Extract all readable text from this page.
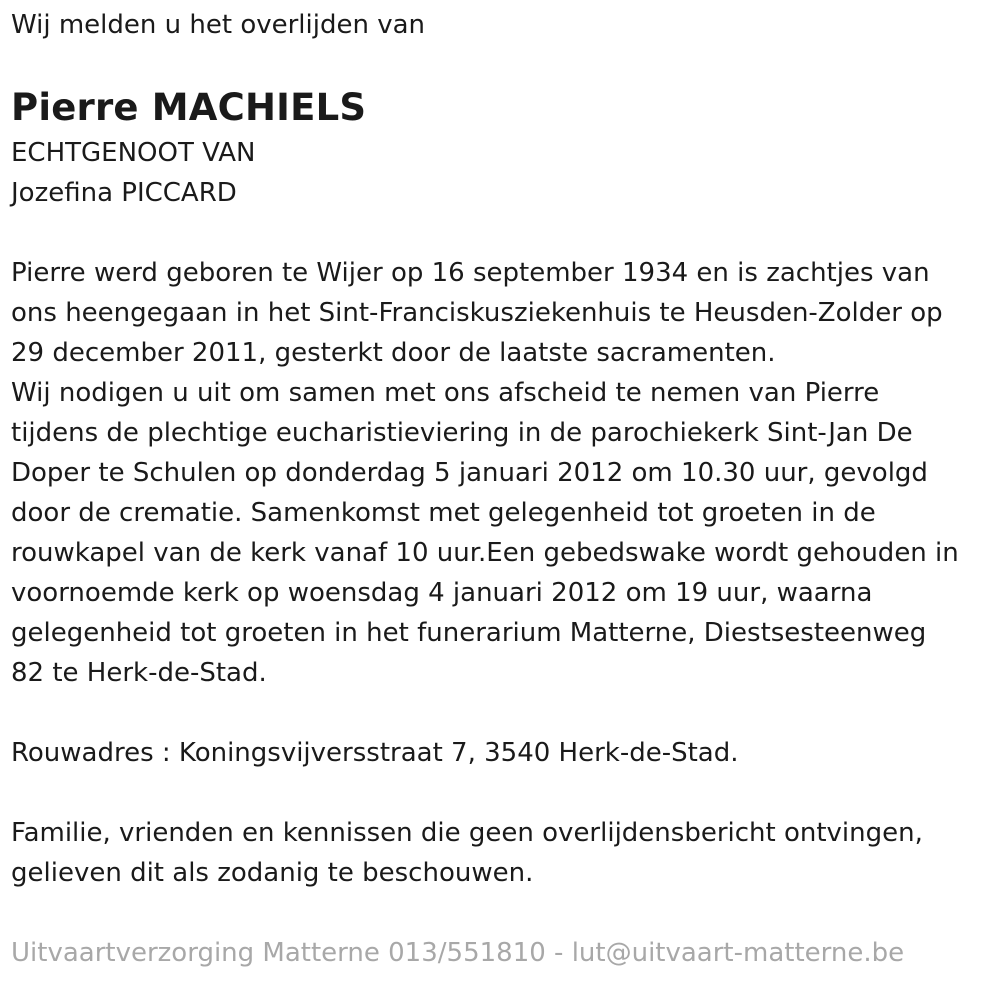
Wij melden u het overlijden van
Pierre MACHIELS
ECHTGENOOT VAN
Jozefina PICCARD
Pierre werd geboren te Wijer op 16 september 1934 en is zachtjes van
ons heengegaan in het Sint-Franciskusziekenhuis te Heusden-Zolder op
29 december 2011, gesterkt door de laatste sacramenten.
Wij nodigen u uit om samen met ons afscheid te nemen van Pierre
tijdens de plechtige eucharistieviering in de parochiekerk Sint-Jan De
Doper te Schulen op donderdag 5 januari 2012 om 10.30 uur, gevolgd
door de crematie. Samenkomst met gelegenheid tot groeten in de
rouwkapel van de kerk vanaf 10 uur.Een gebedswake wordt gehouden in
voornoemde kerk op woensdag 4 januari 2012 om 19 uur, waarna
gelegenheid tot groeten in het funerarium Matterne, Diestsesteenweg
82 te Herk-de-Stad.
Rouwadres : Koningsvijversstraat 7, 3540 Herk-de-Stad.
Familie, vrienden en kennissen die geen overlijdensbericht ontvingen,
gelieven dit als zodanig te beschouwen.
Uitvaartverzorging Matterne 013/551810 - lut@uitvaart-matterne.be
